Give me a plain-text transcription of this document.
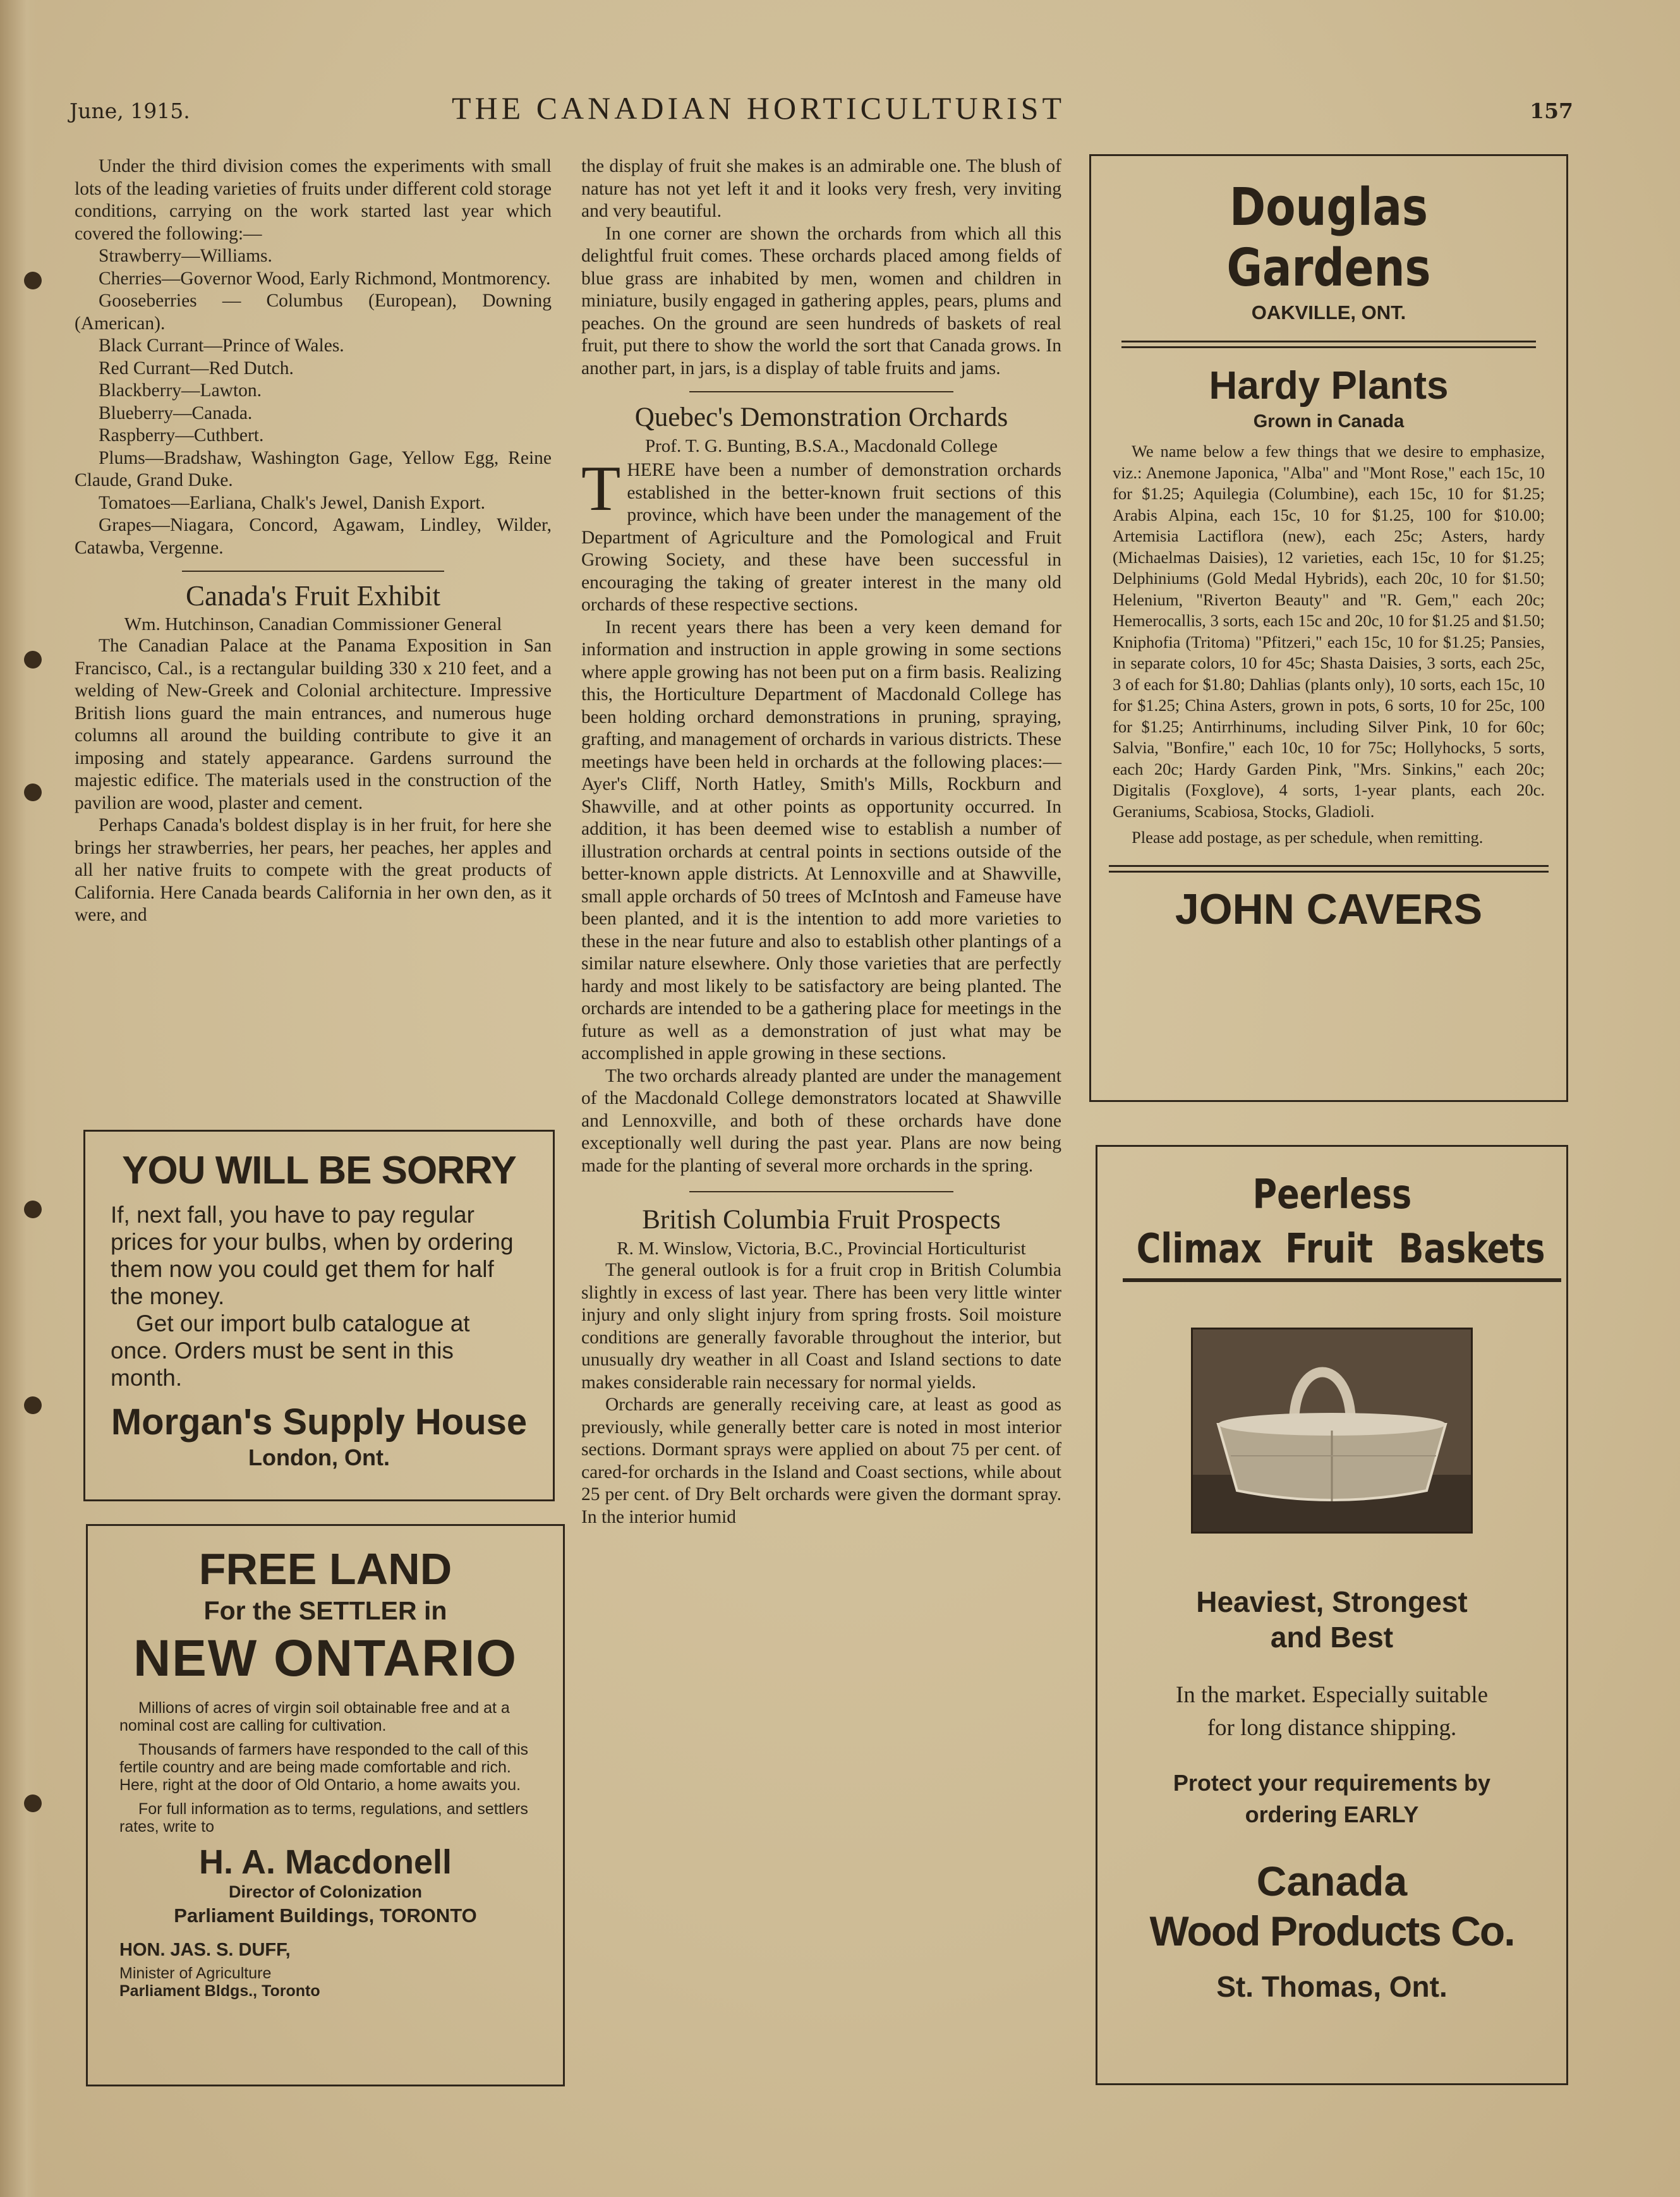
June, 1915.	THE CANADIAN HORTICULTURIST	157

Under the third division comes the experiments with small lots of the leading varieties of fruits under different cold storage conditions, carrying on the work started last year which covered the following:—

Strawberry—Williams.

Cherries—Governor Wood, Early Richmond, Montmorency.

Gooseberries — Columbus (European), Downing (American).

Black Currant—Prince of Wales.

Red Currant—Red Dutch.

Blackberry—Lawton.

Blueberry—Canada.

Raspberry—Cuthbert.

Plums—Bradshaw, Washington Gage, Yellow Egg, Reine Claude, Grand Duke.

Tomatoes—Earliana, Chalk's Jewel, Danish Export.

Grapes—Niagara, Concord, Agawam, Lindley, Wilder, Catawba, Vergenne.

Canada's Fruit Exhibit
Wm. Hutchinson, Canadian Commissioner General

The Canadian Palace at the Panama Exposition in San Francisco, Cal., is a rectangular building 330 x 210 feet, and a welding of New-Greek and Colonial architecture. Impressive British lions guard the main entrances, and numerous huge columns all around the building contribute to give it an imposing and stately appearance. Gardens surround the majestic edifice. The materials used in the construction of the pavilion are wood, plaster and cement.

Perhaps Canada's boldest display is in her fruit, for here she brings her strawberries, her pears, her peaches, her apples and all her native fruits to compete with the great products of California. Here Canada beards California in her own den, as it were, and

the display of fruit she makes is an admirable one. The blush of nature has not yet left it and it looks very fresh, very inviting and very beautiful.

In one corner are shown the orchards from which all this delightful fruit comes. These orchards placed among fields of blue grass are inhabited by men, women and children in miniature, busily engaged in gathering apples, pears, plums and peaches. On the ground are seen hundreds of baskets of real fruit, put there to show the world the sort that Canada grows. In another part, in jars, is a display of table fruits and jams.

Quebec's Demonstration Orchards
Prof. T. G. Bunting, B.S.A., Macdonald College

THERE have been a number of demonstration orchards established in the better-known fruit sections of this province, which have been under the management of the Department of Agriculture and the Pomological and Fruit Growing Society, and these have been successful in encouraging the taking of greater interest in the many old orchards of these respective sections.

In recent years there has been a very keen demand for information and instruction in apple growing in some sections where apple growing has not been put on a firm basis. Realizing this, the Horticulture Department of Macdonald College has been holding orchard demonstrations in pruning, spraying, grafting, and management of orchards in various districts. These meetings have been held in orchards at the following places:—Ayer's Cliff, North Hatley, Smith's Mills, Rockburn and Shawville, and at other points as opportunity occurred. In addition, it has been deemed wise to establish a number of illustration orchards at central points in sections outside of the better-known apple districts. At Lennoxville and at Shawville, small apple orchards of 50 trees of McIntosh and Fameuse have been planted, and it is the intention to add more varieties to these in the near future and also to establish other plantings of a similar nature elsewhere. Only those varieties that are perfectly hardy and most likely to be satisfactory are being planted. The orchards are intended to be a gathering place for meetings in the future as well as a demonstration of just what may be accomplished in apple growing in these sections.

The two orchards already planted are under the management of the Macdonald College demonstrators located at Shawville and Lennoxville, and both of these orchards have done exceptionally well during the past year. Plans are now being made for the planting of several more orchards in the spring.

British Columbia Fruit Prospects
R. M. Winslow, Victoria, B.C., Provincial Horticulturist

The general outlook is for a fruit crop in British Columbia slightly in excess of last year. There has been very little winter injury and only slight injury from spring frosts. Soil moisture conditions are generally favorable throughout the interior, but unusually dry weather in all Coast and Island sections to date makes considerable rain necessary for normal yields.

Orchards are generally receiving care, at least as good as previously, while generally better care is noted in most interior sections. Dormant sprays were applied on about 75 per cent. of cared-for orchards in the Island and Coast sections, while about 25 per cent. of Dry Belt orchards were given the dormant spray. In the interior humid

YOU WILL BE SORRY
If, next fall, you have to pay regular prices for your bulbs, when by ordering them now you could get them for half the money.
Get our import bulb catalogue at once. Orders must be sent in this month.
Morgan's Supply House
London, Ont.
FREE LAND
For the SETTLER in
NEW ONTARIO
Millions of acres of virgin soil obtainable free and at a nominal cost are calling for cultivation.
Thousands of farmers have responded to the call of this fertile country and are being made comfortable and rich. Here, right at the door of Old Ontario, a home awaits you.
For full information as to terms, regulations, and settlers rates, write to
H. A. Macdonell
Director of Colonization
Parliament Buildings, TORONTO
HON. JAS. S. DUFF,
Minister of Agriculture
Parliament Bldgs., Toronto
Douglas Gardens
OAKVILLE, ONT.
Hardy Plants
Grown in Canada
We name below a few things that we desire to emphasize, viz.: Anemone Japonica, "Alba" and "Mont Rose," each 15c, 10 for $1.25; Aquilegia (Columbine), each 15c, 10 for $1.25; Arabis Alpina, each 15c, 10 for $1.25, 100 for $10.00; Artemisia Lactiflora (new), each 25c; Asters, hardy (Michaelmas Daisies), 12 varieties, each 15c, 10 for $1.25; Delphiniums (Gold Medal Hybrids), each 20c, 10 for $1.50; Helenium, "Riverton Beauty" and "R. Gem," each 20c; Hemerocallis, 3 sorts, each 15c and 20c, 10 for $1.25 and $1.50; Kniphofia (Tritoma) "Pfitzeri," each 15c, 10 for $1.25; Pansies, in separate colors, 10 for 45c; Shasta Daisies, 3 sorts, each 25c, 3 of each for $1.80; Dahlias (plants only), 10 sorts, each 15c, 10 for $1.25; China Asters, grown in pots, 6 sorts, 10 for 25c, 100 for $1.25; Antirrhinums, including Silver Pink, 10 for 60c; Salvia, "Bonfire," each 10c, 10 for 75c; Hollyhocks, 5 sorts, each 20c; Hardy Garden Pink, "Mrs. Sinkins," each 20c; Digitalis (Foxglove), 4 sorts, 1-year plants, each 20c. Geraniums, Scabiosa, Stocks, Gladioli.
Please add postage, as per schedule, when remitting.
JOHN CAVERS
Peerless
Climax Fruit Baskets
Heaviest, Strongest
and Best
In the market. Especially suitable for long distance shipping.
Protect your requirements by ordering EARLY
Canada
Wood Products Co.
St. Thomas, Ont.
